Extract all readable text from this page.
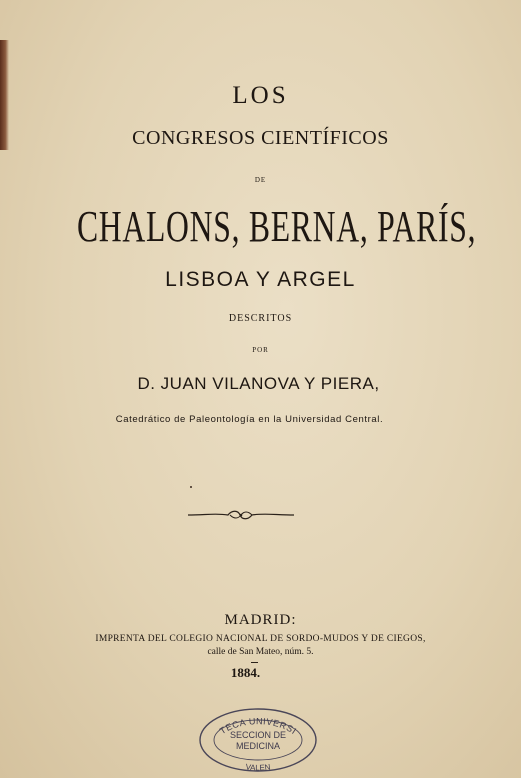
LOS
CONGRESOS CIENTÍFICOS
DE
CHALONS, BERNA, PARÍS,
LISBOA Y ARGEL
DESCRITOS
POR
D. JUAN VILANOVA Y PIERA,
Catedrático de Paleontología en la Universidad Central.
MADRID:
IMPRENTA DEL COLEGIO NACIONAL DE SORDO-MUDOS Y DE CIEGOS,
calle de San Mateo, núm. 5.
1884.
TECA UNIVERSI
SECCION DE
MEDICINA
VALEN
